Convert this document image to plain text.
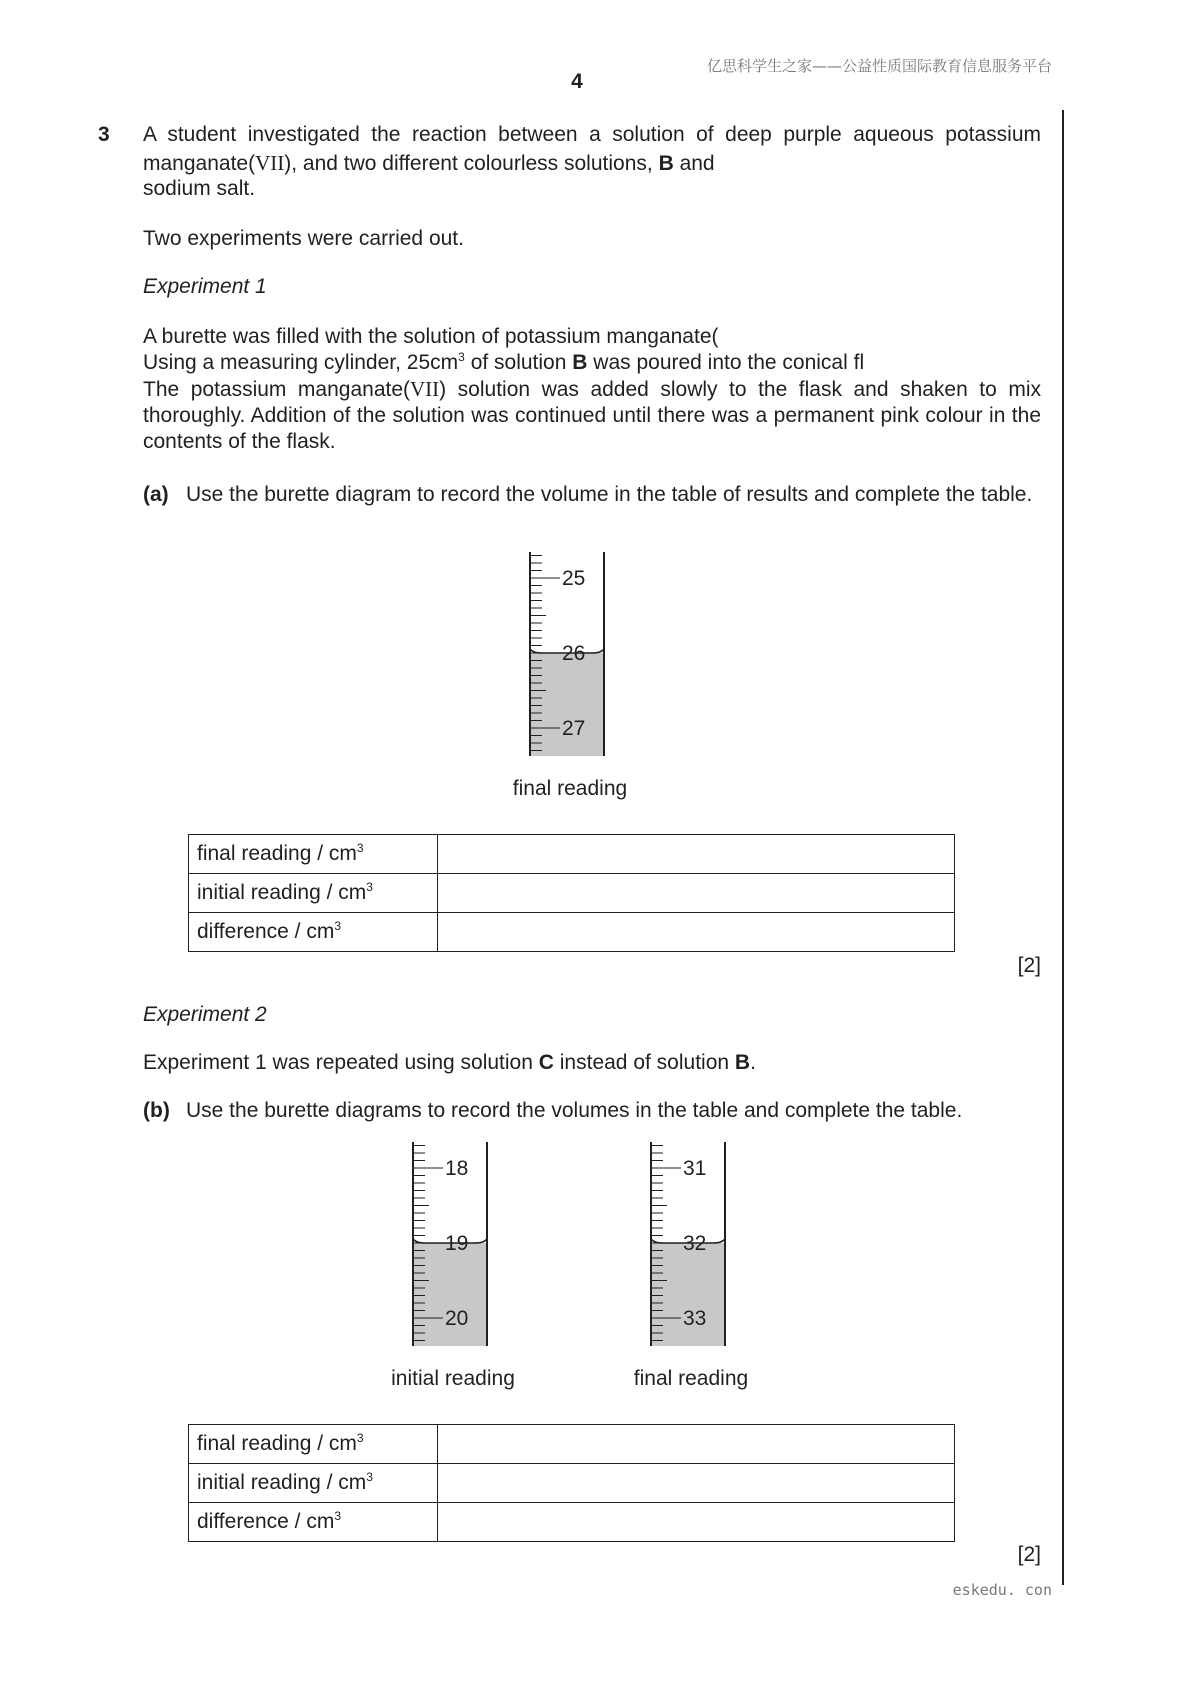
亿思科学生之家——公益性质国际教育信息服务平台
4
3 A student investigated the reaction between a solution of deep purple aqueous potassium
manganate(VII), and two different colourless solutions, B and
sodium salt.
Two experiments were carried out.
Experiment 1
A burette was filled with the solution of potassium manganate(
Using a measuring cylinder, $25cm^3$ of solution B was poured into the conical fl
The potassium manganate(VII) solution was added slowly to the flask and shaken to mix thoroughly. Addition of the solution was continued until there was a permanent pink colour in the contents of the flask.
(a) Use the burette diagram to record the volume in the table of results and complete the table.
25
26
27
final reading
final reading / $cm^3$	
initial reading / $cm^3$	
difference / $cm^3$	
[2]
Experiment 2
Experiment 1 was repeated using solution C instead of solution B.
(b) Use the burette diagrams to record the volumes in the table and complete the table.
18
19
20
initial reading
31
32
33
final reading
final reading / $cm^3$	
initial reading / $cm^3$	
difference / $cm^3$	
[2]
eskedu. con
